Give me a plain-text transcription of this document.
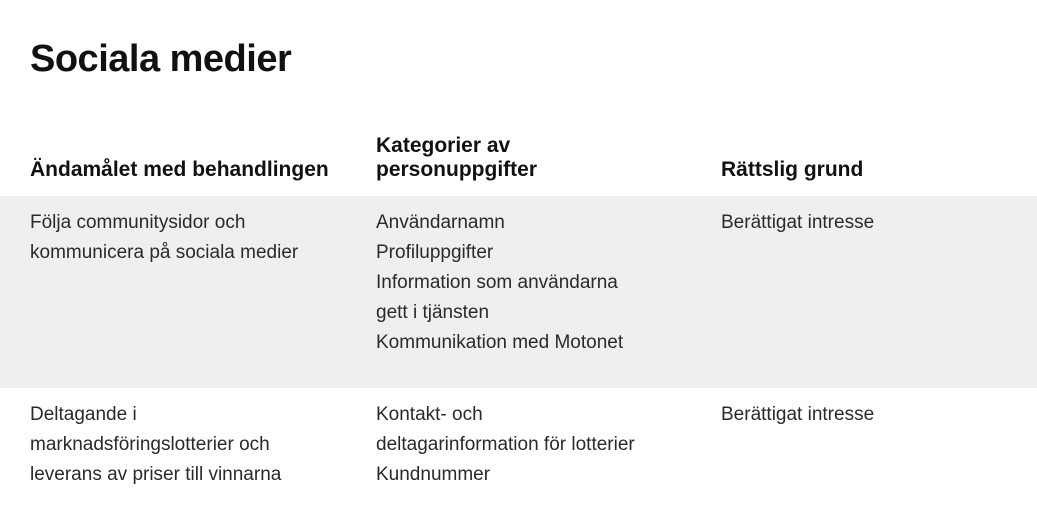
Sociala medier
Ändamålet med behandlingen
Kategorier av
personuppgifter	Rättslig grund
Följa communitysidor och
kommunicera på sociala medier
Användarnamn
Profiluppgifter
Information som användarna
gett i tjänsten
Kommunikation med Motonet
Berättigat intresse
Deltagande i
marknadsföringslotterier och
leverans av priser till vinnarna
Kontakt- och
deltagarinformation för lotterier
Kundnummer
Berättigat intresse
